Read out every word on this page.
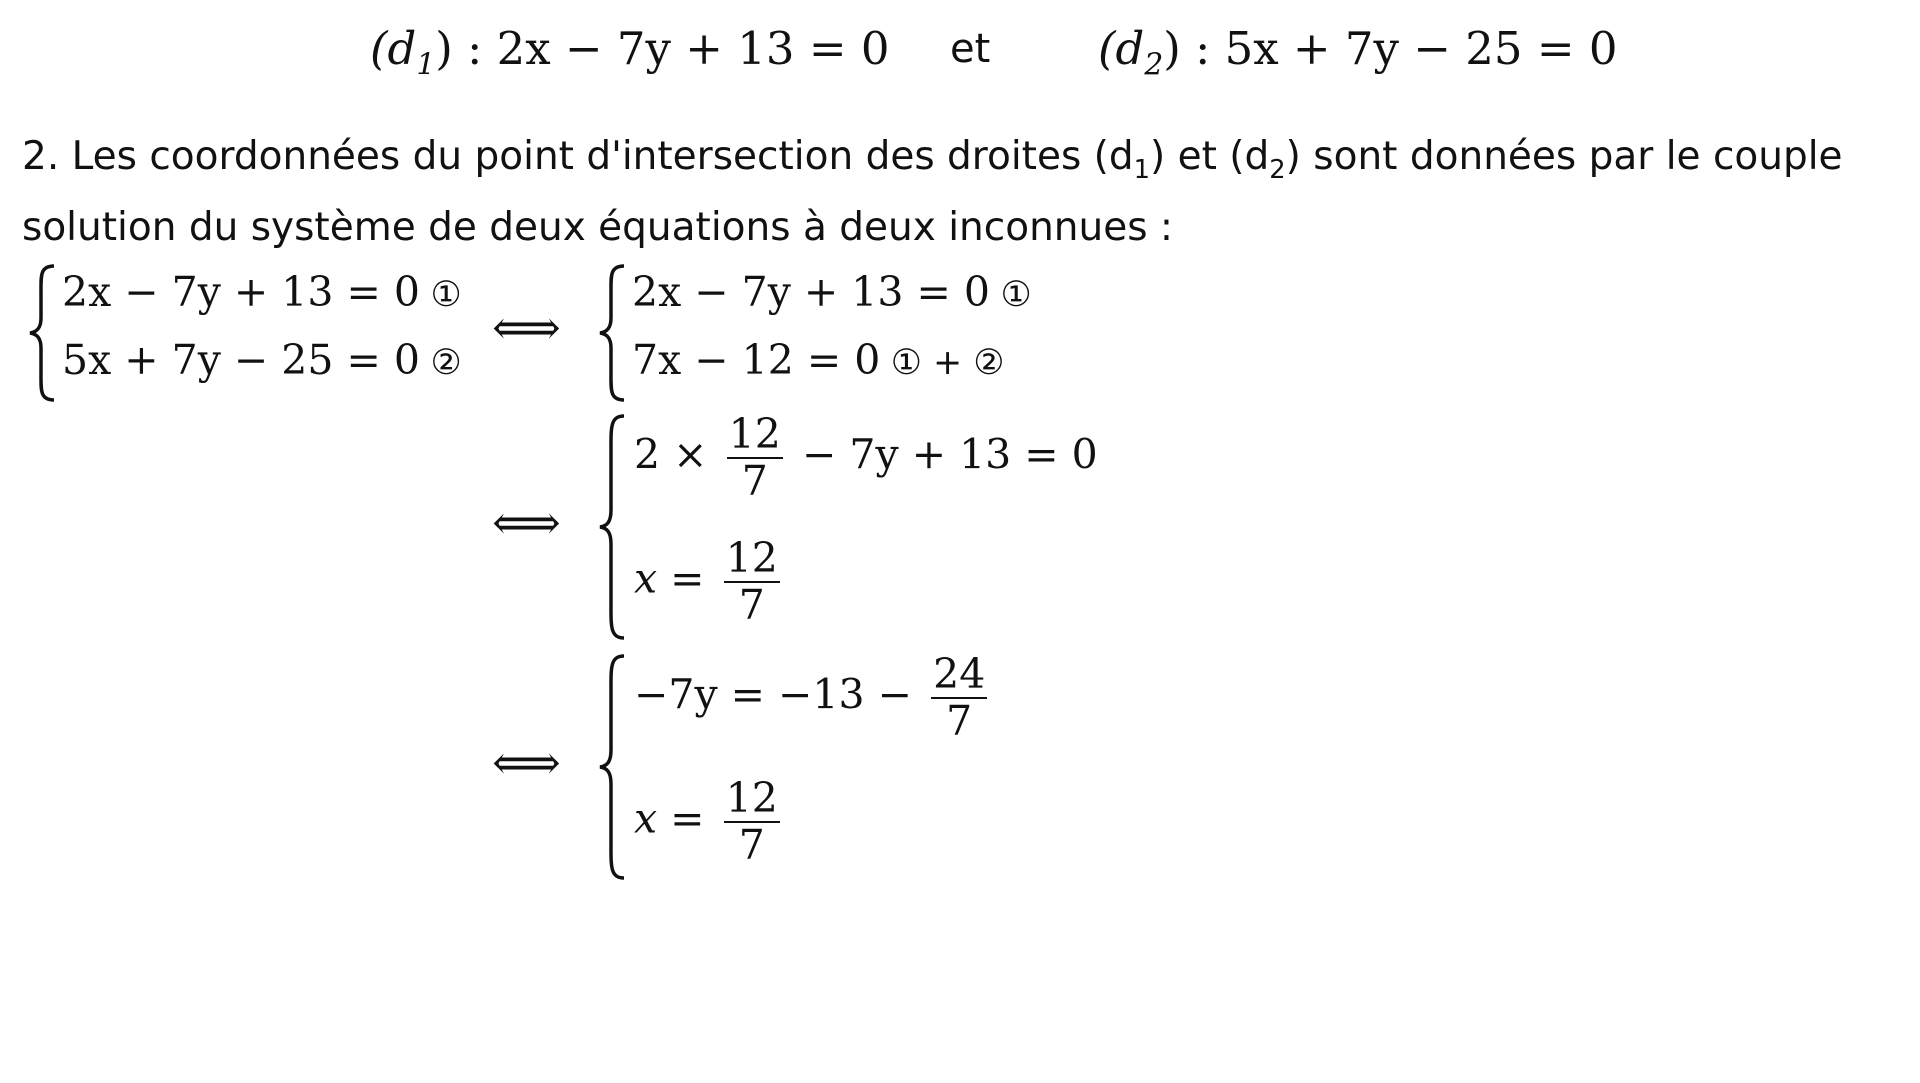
$(d_1)$ : 2x − 7y + 13 = 0 et $(d_2)$ : 5x + 7y − 25 = 0

2. Les coordonnées du point d'intersection des droites $(d_1)$ et $(d_2)$ sont données par le couple

solution du système de deux équations à deux inconnues :

2x − 7y + 13 = 0 ①
5x + 7y − 25 = 0 ②
⟺
⟺
⟺
2x − 7y + 13 = 0 ①
7x − 12 = 0 ① + ②
$2 \times \frac{12}{7} - 7y + 13 = 0$
$x = \frac{12}{7}$
$-7y = -13 - \frac{24}{7}$
$x = \frac{12}{7}$
